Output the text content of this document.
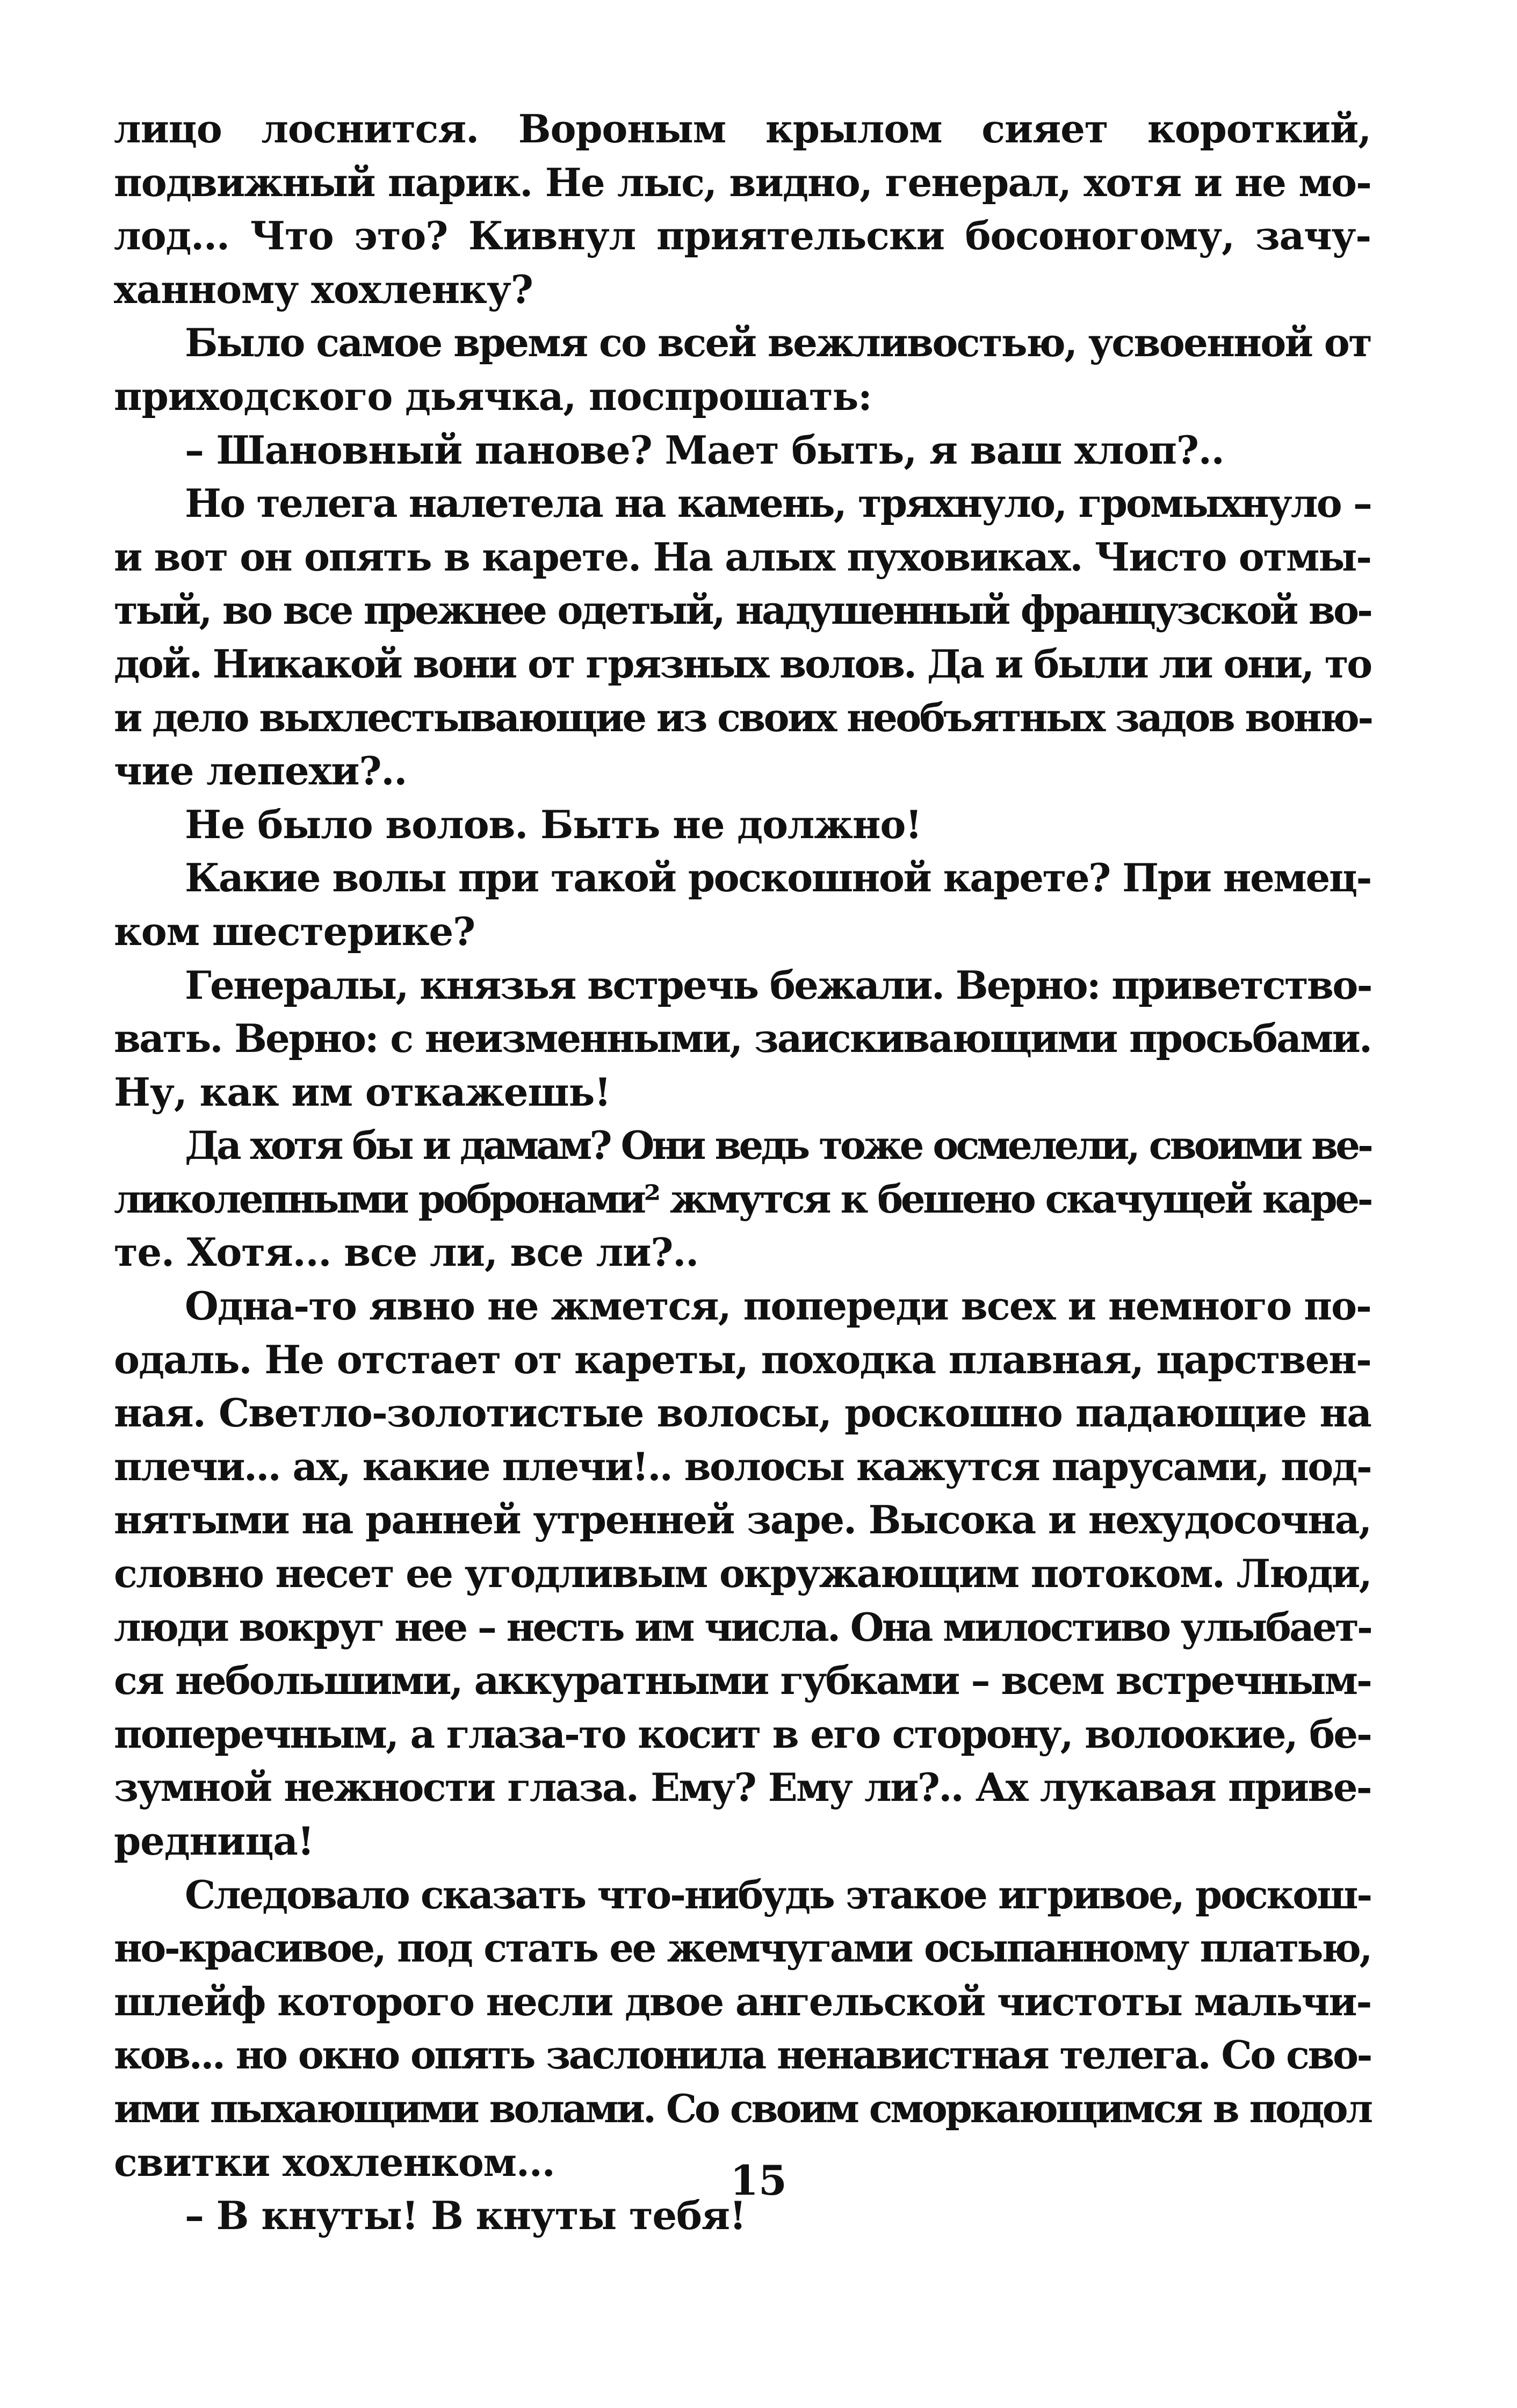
лицо лоснится. Вороным крылом сияет короткий,
подвижный парик. Не лыс, видно, генерал, хотя и не мо-
лод... Что это? Кивнул приятельски босоногому, зачу-
ханному хохленку?
Было самое время со всей вежливостью, усвоенной от
приходского дьячка, поспрошать:
– Шановный панове? Мает быть, я ваш хлоп?..
Но телега налетела на камень, тряхнуло, громыхнуло –
и вот он опять в карете. На алых пуховиках. Чисто отмы-
тый, во все прежнее одетый, надушенный французской во-
дой. Никакой вони от грязных волов. Да и были ли они, то
и дело выхлестывающие из своих необъятных задов воню-
чие лепехи?..
Не было волов. Быть не должно!
Какие волы при такой роскошной карете? При немец-
ком шестерике?
Генералы, князья встречь бежали. Верно: приветство-
вать. Верно: с неизменными, заискивающими просьбами.
Ну, как им откажешь!
Да хотя бы и дамам? Они ведь тоже осмелели, своими ве-
ликолепными робронами² жмутся к бешено скачущей каре-
те. Хотя... все ли, все ли?..
Одна-то явно не жмется, попереди всех и немного по-
одаль. Не отстает от кареты, походка плавная, царствен-
ная. Светло-золотистые волосы, роскошно падающие на
плечи... ах, какие плечи!.. волосы кажутся парусами, под-
нятыми на ранней утренней заре. Высока и нехудосочна,
словно несет ее угодливым окружающим потоком. Люди,
люди вокруг нее – несть им числа. Она милостиво улыбает-
ся небольшими, аккуратными губками – всем встречным-
поперечным, а глаза-то косит в его сторону, волоокие, бе-
зумной нежности глаза. Ему? Ему ли?.. Ах лукавая приве-
редница!
Следовало сказать что-нибудь этакое игривое, роскош-
но-красивое, под стать ее жемчугами осыпанному платью,
шлейф которого несли двое ангельской чистоты мальчи-
ков... но окно опять заслонила ненавистная телега. Со сво-
ими пыхающими волами. Со своим сморкающимся в подол
свитки хохленком...
– В кнуты! В кнуты тебя!
15
